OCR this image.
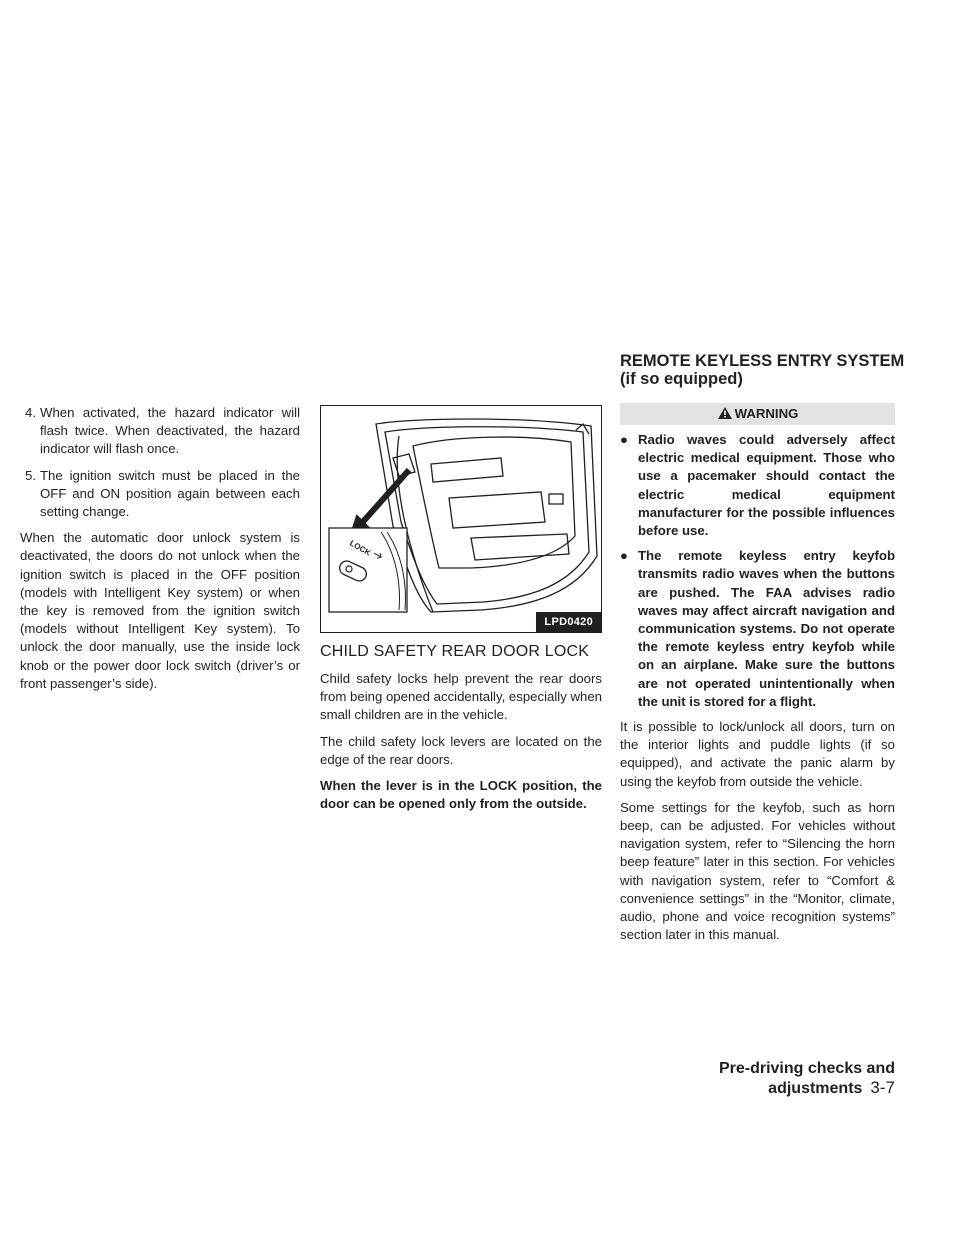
REMOTE KEYLESS ENTRY SYSTEM
(if so equipped)
4. When activated, the hazard indicator will flash twice. When deactivated, the hazard indicator will flash once.
5. The ignition switch must be placed in the OFF and ON position again between each setting change.

When the automatic door unlock system is deactivated, the doors do not unlock when the ignition switch is placed in the OFF position (models with Intelligent Key system) or when the key is removed from the ignition switch (models without Intelligent Key system). To unlock the door manually, use the inside lock knob or the power door lock switch (driver’s or front passenger’s side).

LOCK
LPD0420
CHILD SAFETY REAR DOOR LOCK

Child safety locks help prevent the rear doors from being opened accidentally, especially when small children are in the vehicle.

The child safety lock levers are located on the edge of the rear doors.

When the lever is in the LOCK position, the door can be opened only from the outside.

WARNING
● Radio waves could adversely affect electric medical equipment. Those who use a pacemaker should contact the electric medical equipment manufacturer for the possible influences before use.
● The remote keyless entry keyfob transmits radio waves when the buttons are pushed. The FAA advises radio waves may affect aircraft navigation and communication systems. Do not operate the remote keyless entry keyfob while on an airplane. Make sure the buttons are not operated unintentionally when the unit is stored for a flight.

It is possible to lock/unlock all doors, turn on the interior lights and puddle lights (if so equipped), and activate the panic alarm by using the keyfob from outside the vehicle.

Some settings for the keyfob, such as horn beep, can be adjusted. For vehicles without navigation system, refer to “Silencing the horn beep feature” later in this section. For vehicles with navigation system, refer to “Comfort & convenience settings” in the “Monitor, climate, audio, phone and voice recognition systems” section later in this manual.

Pre-driving checks and adjustments 3-7
